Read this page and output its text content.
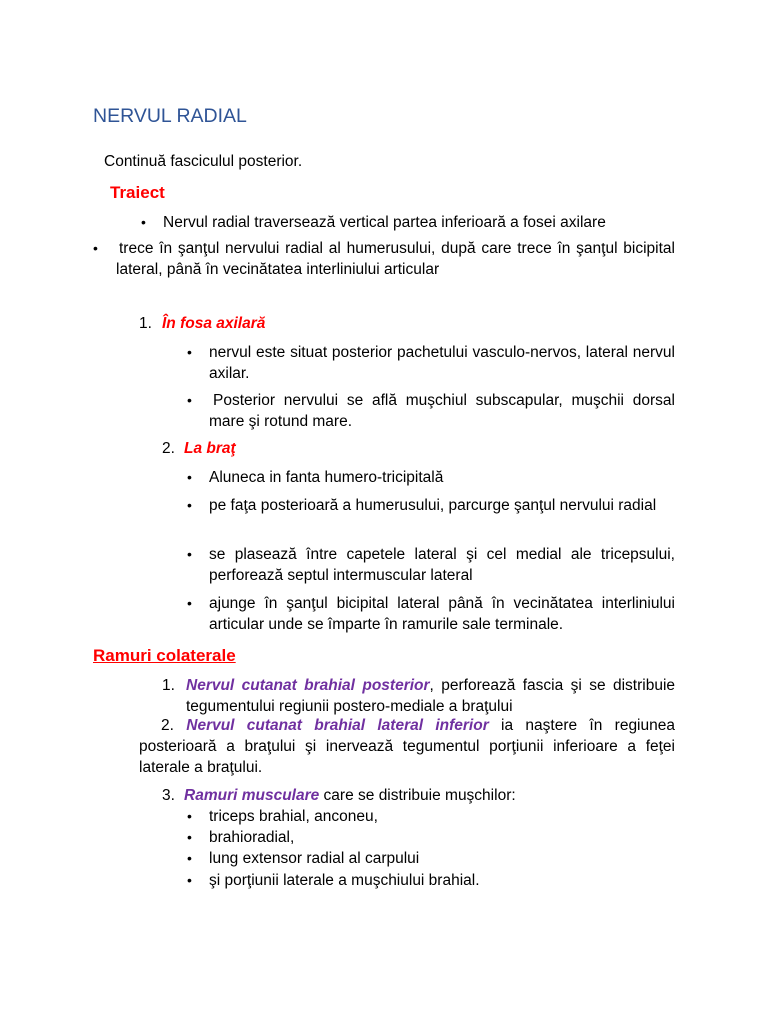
NERVUL RADIAL
Continuă fasciculul posterior.
Traiect
• Nervul radial traversează vertical partea inferioară a fosei axilare
• trece în şanţul nervului radial al humerusului, după care trece în şanţul bicipital lateral, până în vecinătatea interliniului articular
1. În fosa axilară
• nervul este situat posterior pachetului vasculo-nervos, lateral nervul axilar.
• Posterior nervului se află muşchiul subscapular, muşchii dorsal mare şi rotund mare.
2. La braţ
• Aluneca in fanta humero-tricipitală
• pe faţa posterioară a humerusului, parcurge şanţul nervului radial
• se plasează între capetele lateral şi cel medial ale tricepsului, perforează septul intermuscular lateral
• ajunge în şanţul bicipital lateral până în vecinătatea interliniului articular unde se împarte în ramurile sale terminale.
Ramuri colaterale
1. Nervul cutanat brahial posterior, perforează fascia şi se distribuie tegumentului regiunii postero-mediale a braţului
2. Nervul cutanat brahial lateral inferior ia naştere în regiunea posterioară a braţului şi inervează tegumentul porţiunii inferioare a feţei laterale a braţului.
3. Ramuri musculare care se distribuie muşchilor:
• triceps brahial, anconeu,
• brahioradial,
• lung extensor radial al carpului
• şi porţiunii laterale a muşchiului brahial.
